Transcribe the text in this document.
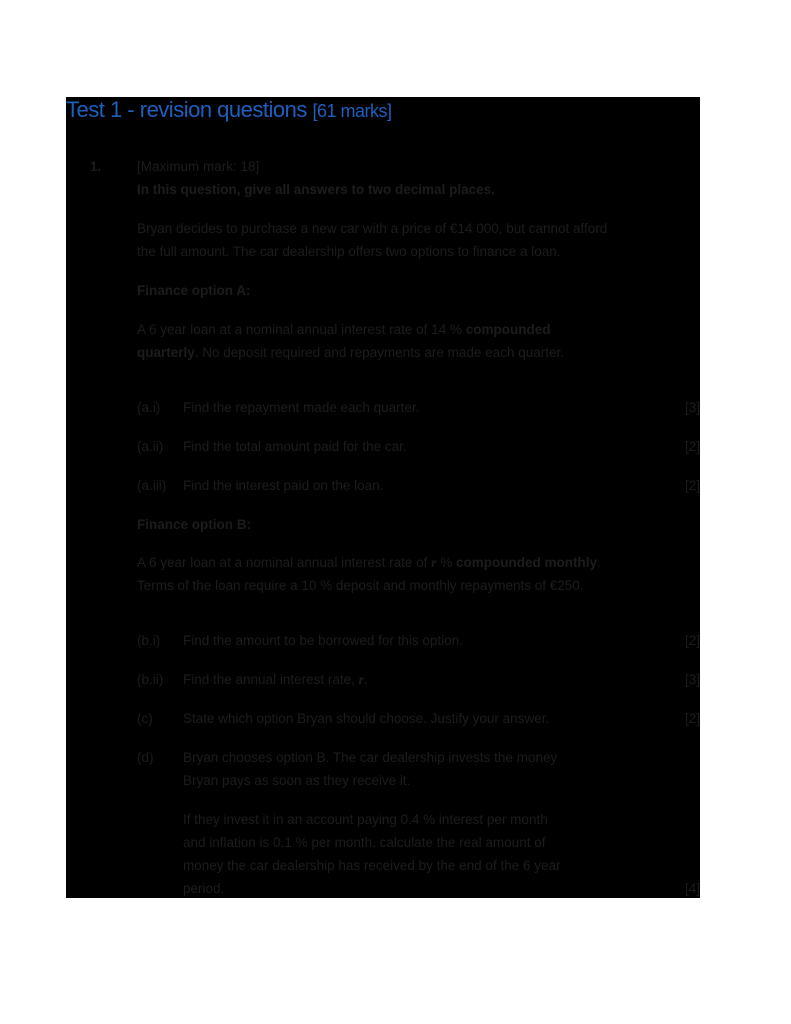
Test 1 - revision questions [61 marks]
1.	[Maximum mark: 18]
In this question, give all answers to two decimal places.
Bryan decides to purchase a new car with a price of €14 000, but cannot afford
the full amount. The car dealership offers two options to finance a loan.
Finance option A:
A 6 year loan at a nominal annual interest rate of 14 % compounded
quarterly. No deposit required and repayments are made each quarter.
(a.i) Find the repayment made each quarter.	[3]
(a.ii) Find the total amount paid for the car.	[2]
(a.iii) Find the interest paid on the loan.	[2]
Finance option B:
A 6 year loan at a nominal annual interest rate of r % compounded monthly.
Terms of the loan require a 10 % deposit and monthly repayments of €250.
(b.i) Find the amount to be borrowed for this option.	[2]
(b.ii) Find the annual interest rate, r.	[3]
(c) State which option Bryan should choose. Justify your answer.	[2]
(d) Bryan chooses option B. The car dealership invests the money
Bryan pays as soon as they receive it.
If they invest it in an account paying 0.4 % interest per month
and inflation is 0.1 % per month, calculate the real amount of
money the car dealership has received by the end of the 6 year
period.	[4]
